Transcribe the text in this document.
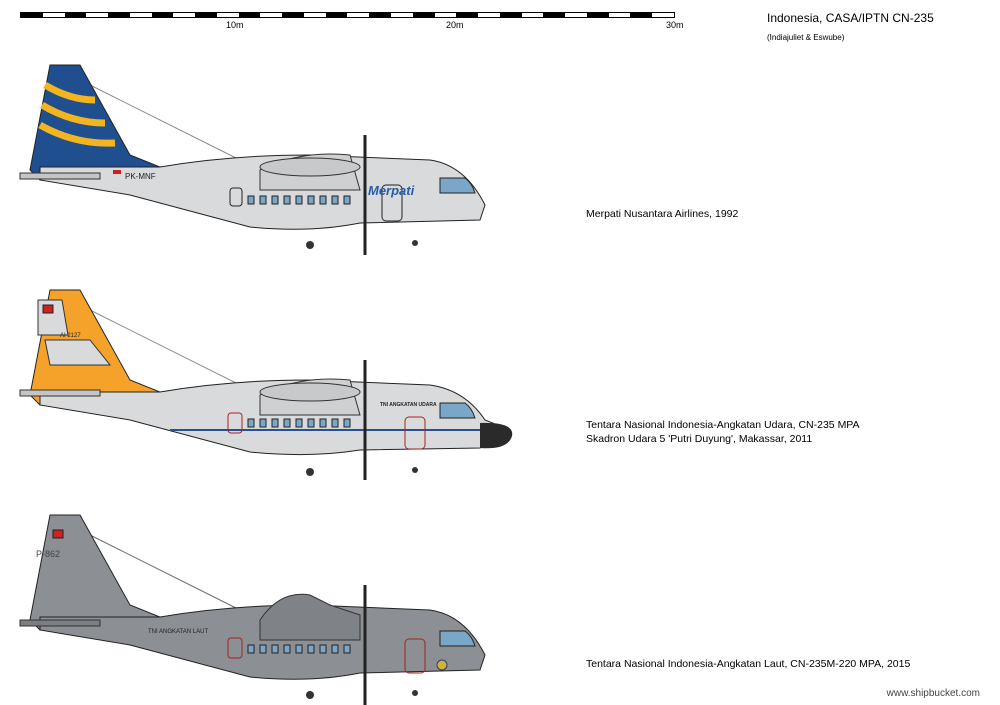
10m	20m	30m	Indonesia, CASA/IPTN CN-235
(Indiajuliet & Eswube)
PK-MNF
Merpati
Merpati Nusantara Airlines, 1992
AI 2127
TNI ANGKATAN UDARA
Tentara Nasional Indonesia-Angkatan Udara, CN-235 MPA
Skadron Udara 5 'Putri Duyung', Makassar, 2011
P-862
TNI ANGKATAN LAUT
Tentara Nasional Indonesia-Angkatan Laut, CN-235M-220 MPA, 2015
www.shipbucket.com
